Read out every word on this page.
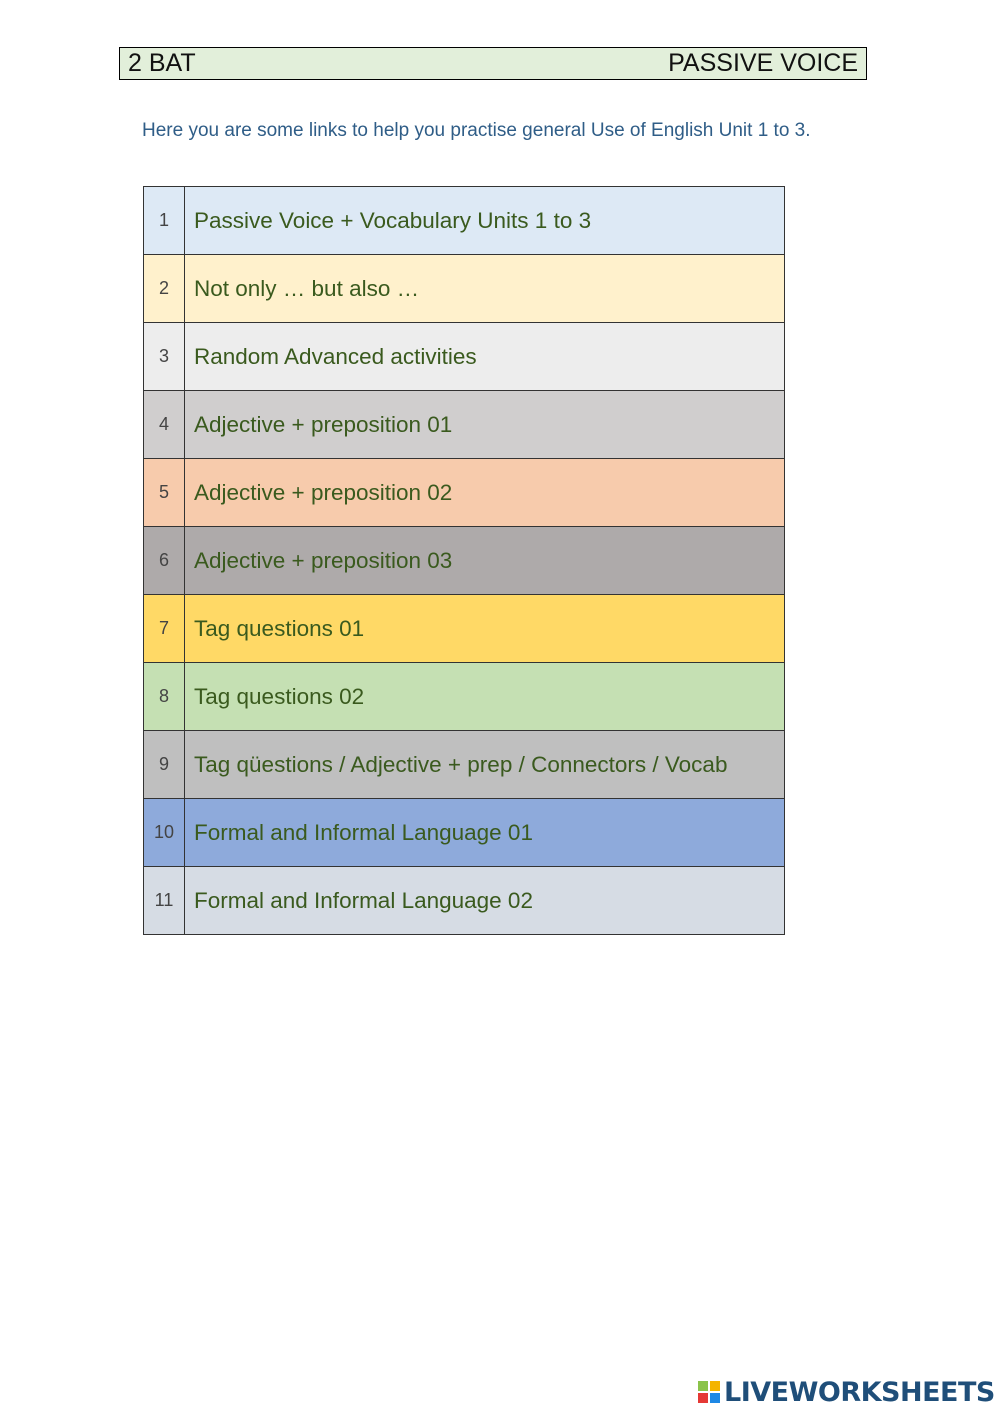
2 BAT	PASSIVE VOICE
Here you are some links to help you practise general Use of English Unit 1 to 3.
1	Passive Voice + Vocabulary Units 1 to 3
2	Not only … but also …
3	Random Advanced activities
4	Adjective + preposition 01
5	Adjective + preposition 02
6	Adjective + preposition 03
7	Tag questions 01
8	Tag questions 02
9	Tag qüestions / Adjective + prep / Connectors / Vocab
10	Formal and Informal Language 01
11	Formal and Informal Language 02
LIVEWORKSHEETS
